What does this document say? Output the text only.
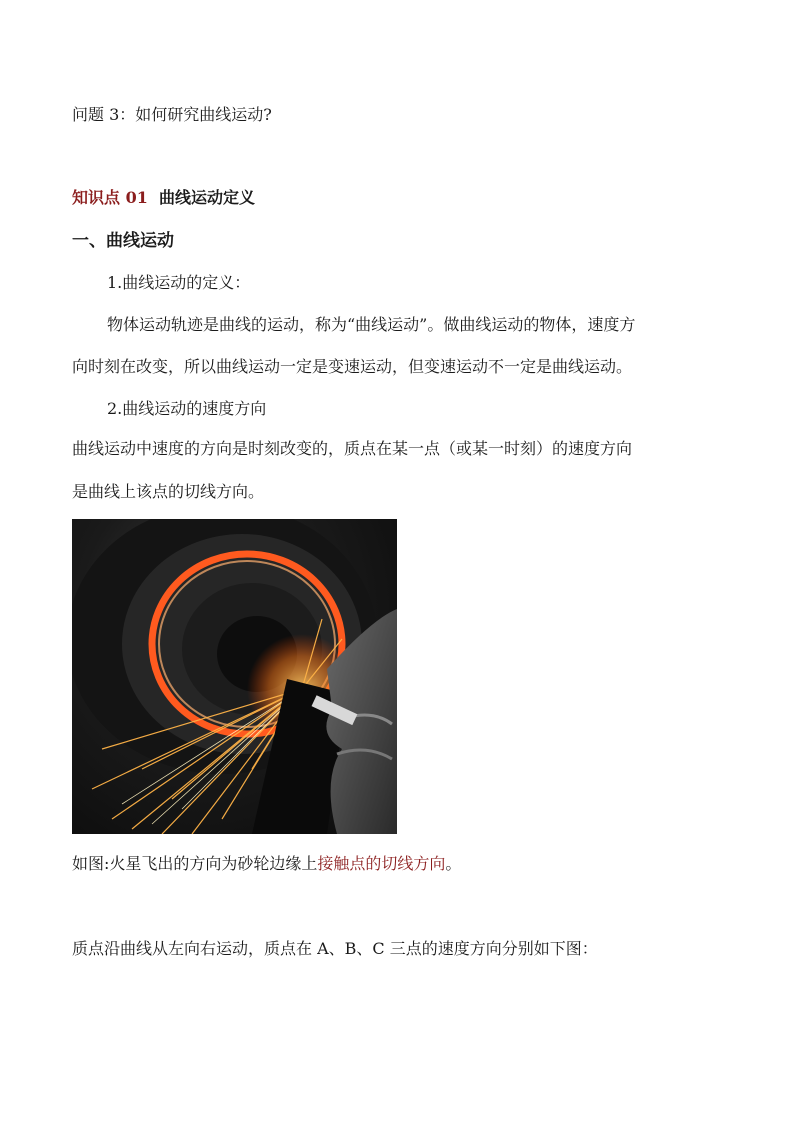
问题 3：如何研究曲线运动?
知识点 01 曲线运动定义
一、曲线运动
1.曲线运动的定义：
物体运动轨迹是曲线的运动，称为“曲线运动”。做曲线运动的物体，速度方
向时刻在改变，所以曲线运动一定是变速运动，但变速运动不一定是曲线运动。
2.曲线运动的速度方向
曲线运动中速度的方向是时刻改变的，质点在某一点（或某一时刻）的速度方向
是曲线上该点的切线方向。
如图:火星飞出的方向为砂轮边缘上接触点的切线方向。
质点沿曲线从左向右运动，质点在 A、B、C 三点的速度方向分别如下图：
